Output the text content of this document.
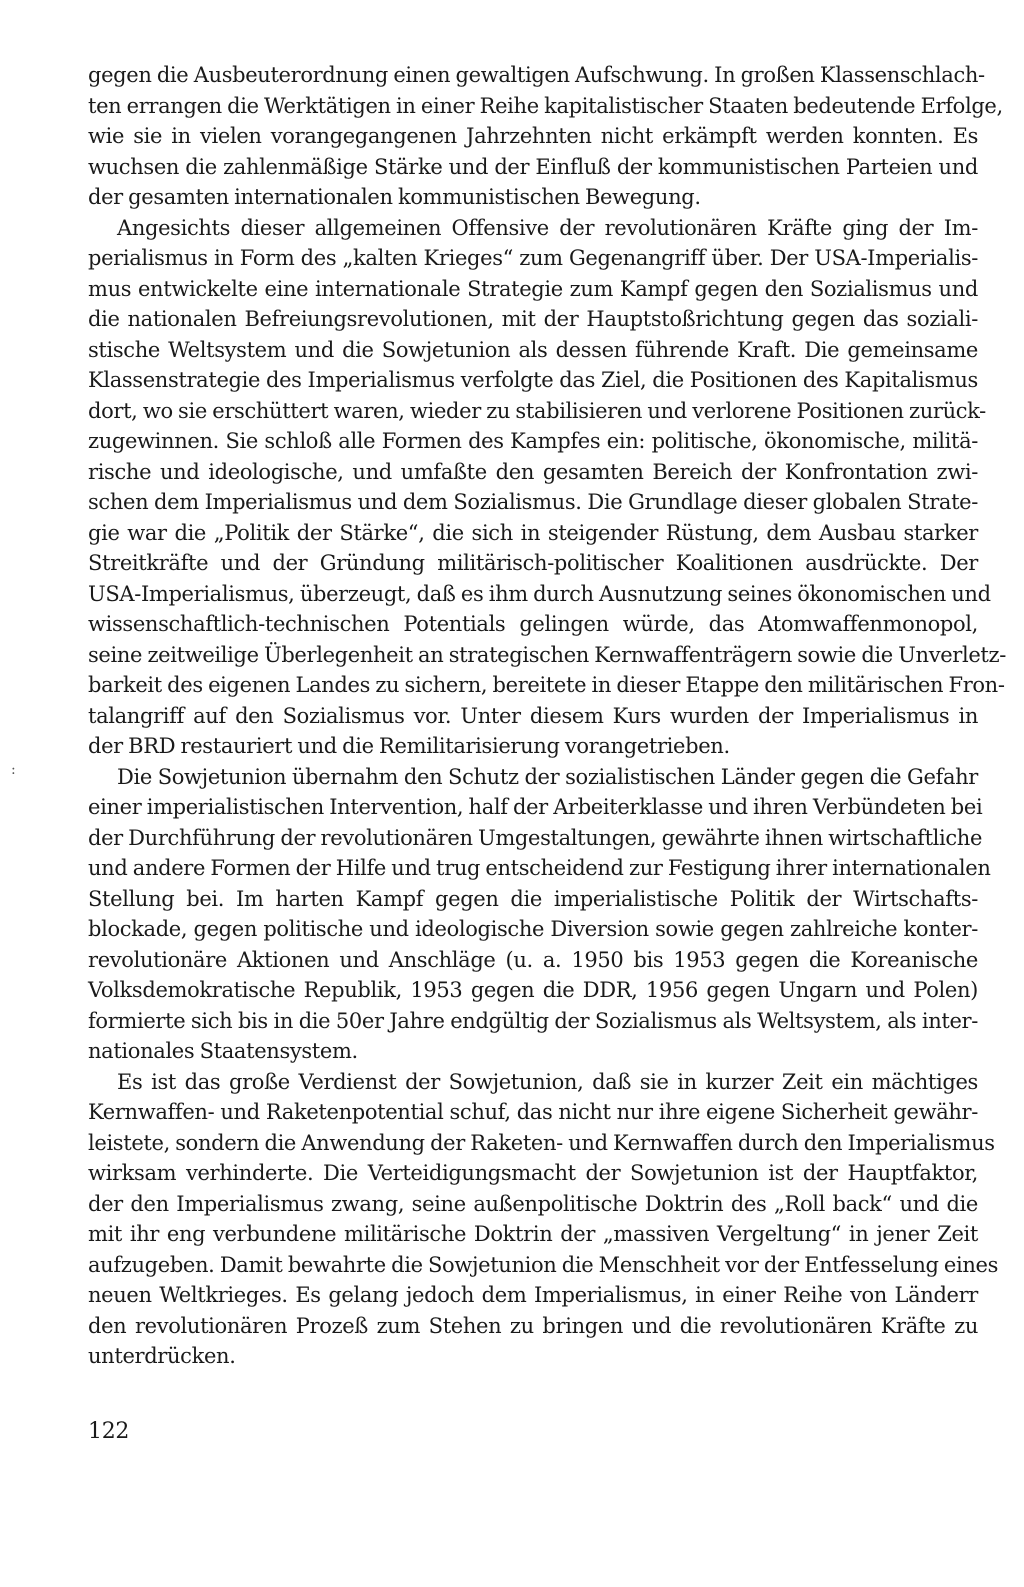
gegen die Ausbeuterordnung einen gewaltigen Aufschwung. In großen Klassenschlach-
ten errangen die Werktätigen in einer Reihe kapitalistischer Staaten bedeutende Erfolge,
wie sie in vielen vorangegangenen Jahrzehnten nicht erkämpft werden konnten. Es
wuchsen die zahlenmäßige Stärke und der Einfluß der kommunistischen Parteien und
der gesamten internationalen kommunistischen Bewegung.
Angesichts dieser allgemeinen Offensive der revolutionären Kräfte ging der Im-
perialismus in Form des „kalten Krieges“ zum Gegenangriff über. Der USA-Imperialis-
mus entwickelte eine internationale Strategie zum Kampf gegen den Sozialismus und
die nationalen Befreiungsrevolutionen, mit der Hauptstoßrichtung gegen das soziali-
stische Weltsystem und die Sowjetunion als dessen führende Kraft. Die gemeinsame
Klassenstrategie des Imperialismus verfolgte das Ziel, die Positionen des Kapitalismus
dort, wo sie erschüttert waren, wieder zu stabilisieren und verlorene Positionen zurück-
zugewinnen. Sie schloß alle Formen des Kampfes ein: politische, ökonomische, militä-
rische und ideologische, und umfaßte den gesamten Bereich der Konfrontation zwi-
schen dem Imperialismus und dem Sozialismus. Die Grundlage dieser globalen Strate-
gie war die „Politik der Stärke“, die sich in steigender Rüstung, dem Ausbau starker
Streitkräfte und der Gründung militärisch-politischer Koalitionen ausdrückte. Der
USA-Imperialismus, überzeugt, daß es ihm durch Ausnutzung seines ökonomischen und
wissenschaftlich-technischen Potentials gelingen würde, das Atomwaffenmonopol,
seine zeitweilige Überlegenheit an strategischen Kernwaffenträgern sowie die Unverletz-
barkeit des eigenen Landes zu sichern, bereitete in dieser Etappe den militärischen Fron-
talangriff auf den Sozialismus vor. Unter diesem Kurs wurden der Imperialismus in
der BRD restauriert und die Remilitarisierung vorangetrieben.
Die Sowjetunion übernahm den Schutz der sozialistischen Länder gegen die Gefahr
einer imperialistischen Intervention, half der Arbeiterklasse und ihren Verbündeten bei
der Durchführung der revolutionären Umgestaltungen, gewährte ihnen wirtschaftliche
und andere Formen der Hilfe und trug entscheidend zur Festigung ihrer internationalen
Stellung bei. Im harten Kampf gegen die imperialistische Politik der Wirtschafts-
blockade, gegen politische und ideologische Diversion sowie gegen zahlreiche konter-
revolutionäre Aktionen und Anschläge (u. a. 1950 bis 1953 gegen die Koreanische
Volksdemokratische Republik, 1953 gegen die DDR, 1956 gegen Ungarn und Polen)
formierte sich bis in die 50er Jahre endgültig der Sozialismus als Weltsystem, als inter-
nationales Staatensystem.
Es ist das große Verdienst der Sowjetunion, daß sie in kurzer Zeit ein mächtiges
Kernwaffen- und Raketenpotential schuf, das nicht nur ihre eigene Sicherheit gewähr-
leistete, sondern die Anwendung der Raketen- und Kernwaffen durch den Imperialismus
wirksam verhinderte. Die Verteidigungsmacht der Sowjetunion ist der Hauptfaktor,
der den Imperialismus zwang, seine außenpolitische Doktrin des „Roll back“ und die
mit ihr eng verbundene militärische Doktrin der „massiven Vergeltung“ in jener Zeit
aufzugeben. Damit bewahrte die Sowjetunion die Menschheit vor der Entfesselung eines
neuen Weltkrieges. Es gelang jedoch dem Imperialismus, in einer Reihe von Länderr
den revolutionären Prozeß zum Stehen zu bringen und die revolutionären Kräfte zu
unterdrücken.
122
:
